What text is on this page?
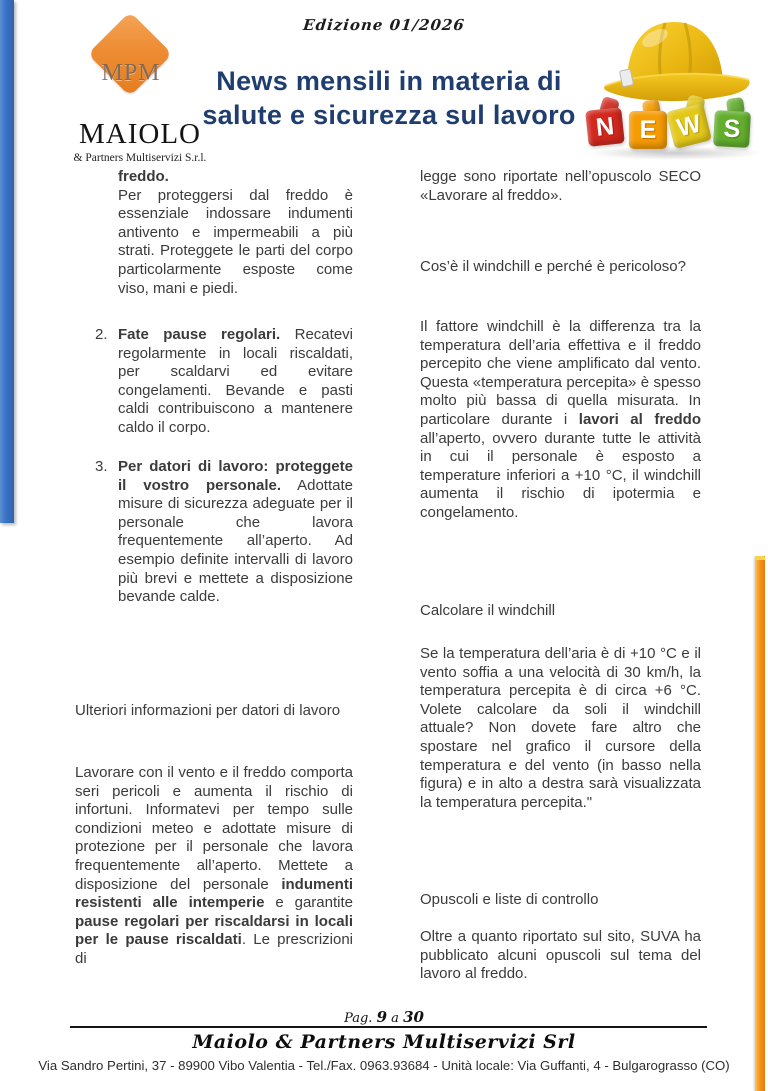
Edizione 01/2026
MPM
MAIOLO
& Partners Multiservizi S.r.l.
News mensili in materia di
salute e sicurezza sul lavoro N E W S
freddo.
Per proteggersi dal freddo è essenziale indossare indumenti antivento e impermeabili a più strati. Proteggete le parti del corpo particolarmente esposte come viso, mani e piedi.
2. Fate pause regolari. Recatevi regolarmente in locali riscaldati, per scaldarvi ed evitare congelamenti. Bevande e pasti caldi contribuiscono a mantenere caldo il corpo.
3. Per datori di lavoro: proteggete il vostro personale. Adottate misure di sicurezza adeguate per il personale che lavora frequentemente all’aperto. Ad esempio definite intervalli di lavoro più brevi e mettete a disposizione bevande calde.
Ulteriori informazioni per datori di lavoro
Lavorare con il vento e il freddo comporta seri pericoli e aumenta il rischio di infortuni. Informatevi per tempo sulle condizioni meteo e adottate misure di protezione per il personale che lavora frequentemente all’aperto. Mettete a disposizione del personale indumenti resistenti alle intemperie e garantite pause regolari per riscaldarsi in locali per le pause riscaldati. Le prescrizioni di
legge sono riportate nell’opuscolo SECO «Lavorare al freddo».
Cos’è il windchill e perché è pericoloso?
Il fattore windchill è la differenza tra la temperatura dell’aria effettiva e il freddo percepito che viene amplificato dal vento. Questa «temperatura percepita» è spesso molto più bassa di quella misurata. In particolare durante i lavori al freddo all’aperto, ovvero durante tutte le attività in cui il personale è esposto a temperature inferiori a +10 °C, il windchill aumenta il rischio di ipotermia e congelamento.
Calcolare il windchill
Se la temperatura dell’aria è di +10 °C e il vento soffia a una velocità di 30 km/h, la temperatura percepita è di circa +6 °C. Volete calcolare da soli il windchill attuale? Non dovete fare altro che spostare nel grafico il cursore della temperatura e del vento (in basso nella figura) e in alto a destra sarà visualizzata la temperatura percepita."
Opuscoli e liste di controllo
Oltre a quanto riportato sul sito, SUVA ha pubblicato alcuni opuscoli sul tema del lavoro al freddo.
Pag. 9 a 30
Maiolo & Partners Multiservizi Srl
Via Sandro Pertini, 37 - 89900 Vibo Valentia - Tel./Fax. 0963.93684 - Unità locale: Via Guffanti, 4 - Bulgarograsso (CO)
